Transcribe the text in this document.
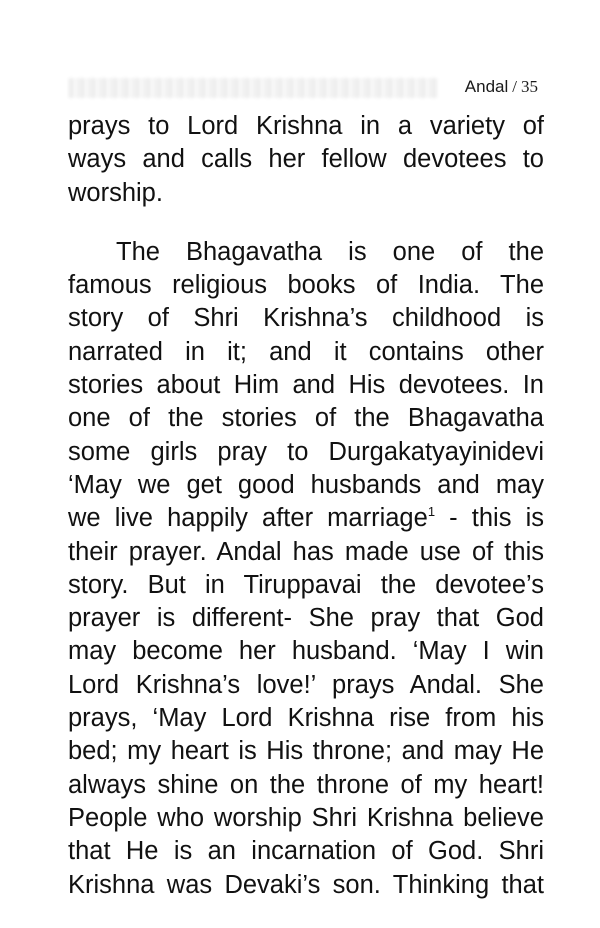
Andal / 35

prays to Lord Krishna in a variety of
ways and calls her fellow devotees to
worship.

The Bhagavatha is one of the
famous religious books of India. The
story of Shri Krishna’s childhood is
narrated in it; and it contains other
stories about Him and His devotees. In
one of the stories of the Bhagavatha
some girls pray to Durgakatyayinidevi
‘May we get good husbands and may
we live happily after marriage$^1$ - this is
their prayer. Andal has made use of this
story. But in Tiruppavai the devotee’s
prayer is different- She pray that God
may become her husband. ‘May I win
Lord Krishna’s love!’ prays Andal. She
prays, ‘May Lord Krishna rise from his
bed; my heart is His throne; and may He
always shine on the throne of my heart!
People who worship Shri Krishna believe
that He is an incarnation of God. Shri
Krishna was Devaki’s son. Thinking that
